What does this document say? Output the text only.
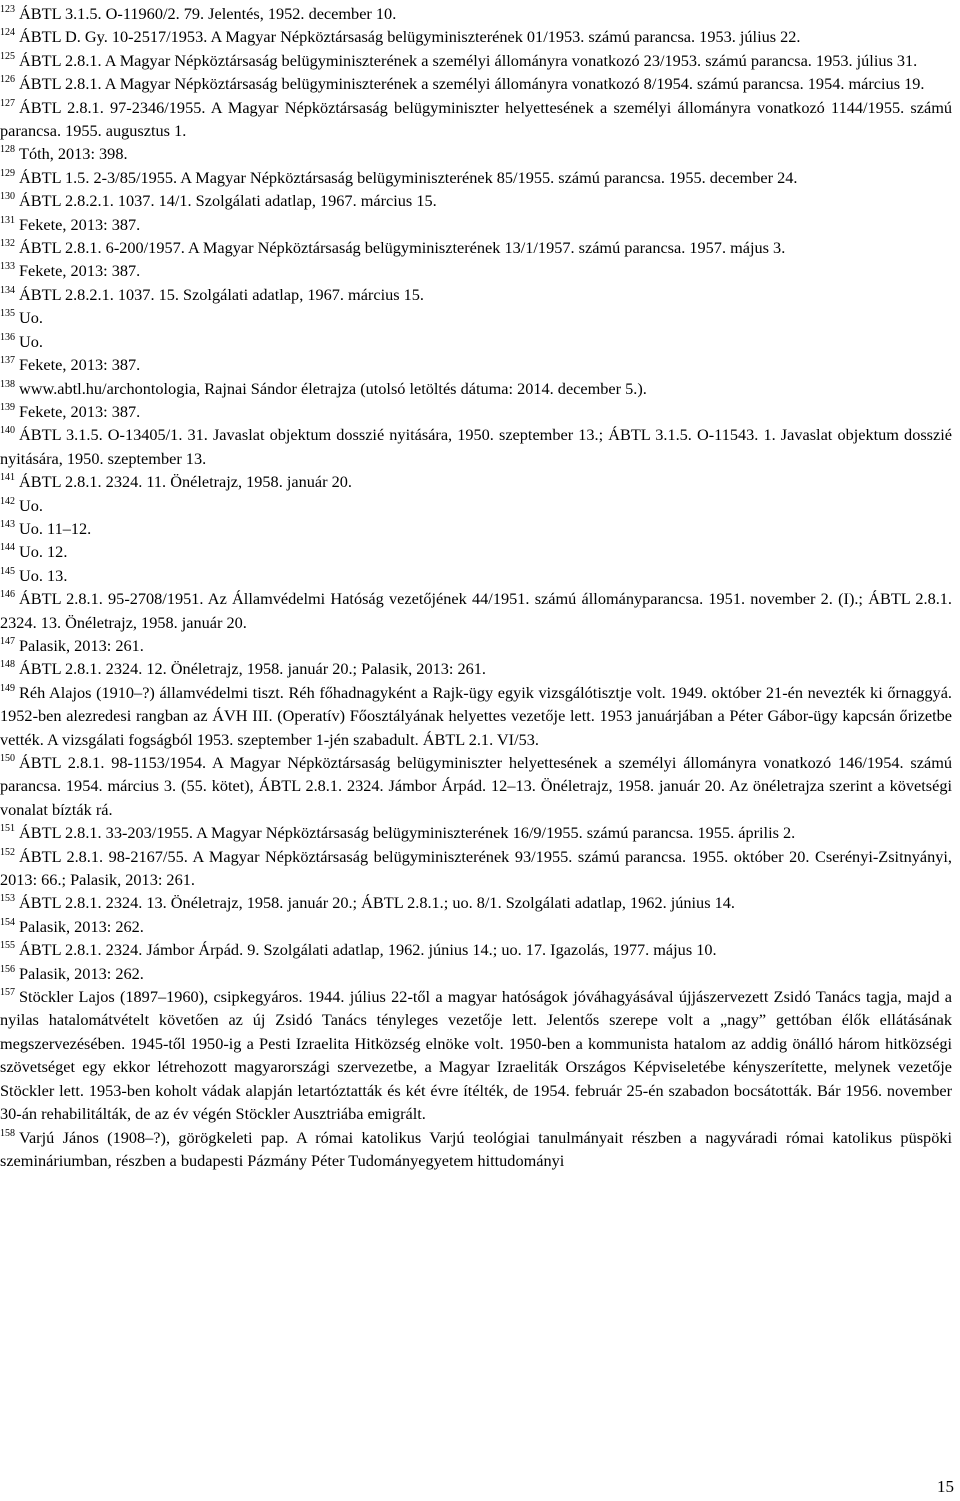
$^{123}$ ÁBTL 3.1.5. O-11960/2. 79. Jelentés, 1952. december 10.

$^{124}$ ÁBTL D. Gy. 10-2517/1953. A Magyar Népköztársaság belügyminiszterének 01/1953. számú parancsa. 1953. július 22.

$^{125}$ ÁBTL 2.8.1. A Magyar Népköztársaság belügyminiszterének a személyi állományra vonatkozó 23/1953. számú parancsa. 1953. július 31.

$^{126}$ ÁBTL 2.8.1. A Magyar Népköztársaság belügyminiszterének a személyi állományra vonatkozó 8/1954. számú parancsa. 1954. március 19.

$^{127}$ ÁBTL 2.8.1. 97-2346/1955. A Magyar Népköztársaság belügyminiszter helyettesének a személyi állományra vonatkozó 1144/1955. számú parancsa. 1955. augusztus 1.

$^{128}$ Tóth, 2013: 398.

$^{129}$ ÁBTL 1.5. 2-3/85/1955. A Magyar Népköztársaság belügyminiszterének 85/1955. számú parancsa. 1955. december 24.

$^{130}$ ÁBTL 2.8.2.1. 1037. 14/1. Szolgálati adatlap, 1967. március 15.

$^{131}$ Fekete, 2013: 387.

$^{132}$ ÁBTL 2.8.1. 6-200/1957. A Magyar Népköztársaság belügyminiszterének 13/1/1957. számú parancsa. 1957. május 3.

$^{133}$ Fekete, 2013: 387.

$^{134}$ ÁBTL 2.8.2.1. 1037. 15. Szolgálati adatlap, 1967. március 15.

$^{135}$ Uo.

$^{136}$ Uo.

$^{137}$ Fekete, 2013: 387.

$^{138}$ www.abtl.hu/archontologia, Rajnai Sándor életrajza (utolsó letöltés dátuma: 2014. december 5.).

$^{139}$ Fekete, 2013: 387.

$^{140}$ ÁBTL 3.1.5. O-13405/1. 31. Javaslat objektum dosszié nyitására, 1950. szeptember 13.; ÁBTL 3.1.5. O-11543. 1. Javaslat objektum dosszié nyitására, 1950. szeptember 13.

$^{141}$ ÁBTL 2.8.1. 2324. 11. Önéletrajz, 1958. január 20.

$^{142}$ Uo.

$^{143}$ Uo. 11–12.

$^{144}$ Uo. 12.

$^{145}$ Uo. 13.

$^{146}$ ÁBTL 2.8.1. 95-2708/1951. Az Államvédelmi Hatóság vezetőjének 44/1951. számú állományparancsa. 1951. november 2. (I).; ÁBTL 2.8.1. 2324. 13. Önéletrajz, 1958. január 20.

$^{147}$ Palasik, 2013: 261.

$^{148}$ ÁBTL 2.8.1. 2324. 12. Önéletrajz, 1958. január 20.; Palasik, 2013: 261.

$^{149}$ Réh Alajos (1910–?) államvédelmi tiszt. Réh főhadnagyként a Rajk-ügy egyik vizsgálótisztje volt. 1949. október 21-én nevezték ki őrnaggyá. 1952-ben alezredesi rangban az ÁVH III. (Operatív) Főosztályának helyettes vezetője lett. 1953 januárjában a Péter Gábor-ügy kapcsán őrizetbe vették. A vizsgálati fogságból 1953. szeptember 1-jén szabadult. ÁBTL 2.1. VI/53.

$^{150}$ ÁBTL 2.8.1. 98-1153/1954. A Magyar Népköztársaság belügyminiszter helyettesének a személyi állományra vonatkozó 146/1954. számú parancsa. 1954. március 3. (55. kötet), ÁBTL 2.8.1. 2324. Jámbor Árpád. 12–13. Önéletrajz, 1958. január 20. Az önéletrajza szerint a követségi vonalat bízták rá.

$^{151}$ ÁBTL 2.8.1. 33-203/1955. A Magyar Népköztársaság belügyminiszterének 16/9/1955. számú parancsa. 1955. április 2.

$^{152}$ ÁBTL 2.8.1. 98-2167/55. A Magyar Népköztársaság belügyminiszterének 93/1955. számú parancsa. 1955. október 20. Cserényi-Zsitnyányi, 2013: 66.; Palasik, 2013: 261.

$^{153}$ ÁBTL 2.8.1. 2324. 13. Önéletrajz, 1958. január 20.; ÁBTL 2.8.1.; uo. 8/1. Szolgálati adatlap, 1962. június 14.

$^{154}$ Palasik, 2013: 262.

$^{155}$ ÁBTL 2.8.1. 2324. Jámbor Árpád. 9. Szolgálati adatlap, 1962. június 14.; uo. 17. Igazolás, 1977. május 10.

$^{156}$ Palasik, 2013: 262.

$^{157}$ Stöckler Lajos (1897–1960), csipkegyáros. 1944. július 22-től a magyar hatóságok jóváhagyásával újjászervezett Zsidó Tanács tagja, majd a nyilas hatalomátvételt követően az új Zsidó Tanács tényleges vezetője lett. Jelentős szerepe volt a „nagy” gettóban élők ellátásának megszervezésében. 1945-től 1950-ig a Pesti Izraelita Hitközség elnöke volt. 1950-ben a kommunista hatalom az addig önálló három hitközségi szövetséget egy ekkor létrehozott magyarországi szervezetbe, a Magyar Izraeliták Országos Képviseletébe kényszerítette, melynek vezetője Stöckler lett. 1953-ben koholt vádak alapján letartóztatták és két évre ítélték, de 1954. február 25-én szabadon bocsátották. Bár 1956. november 30-án rehabilitálták, de az év végén Stöckler Ausztriába emigrált.

$^{158}$ Varjú János (1908–?), görögkeleti pap. A római katolikus Varjú teológiai tanulmányait részben a nagyváradi római katolikus püspöki szemináriumban, részben a budapesti Pázmány Péter Tudományegyetem hittudományi

15
